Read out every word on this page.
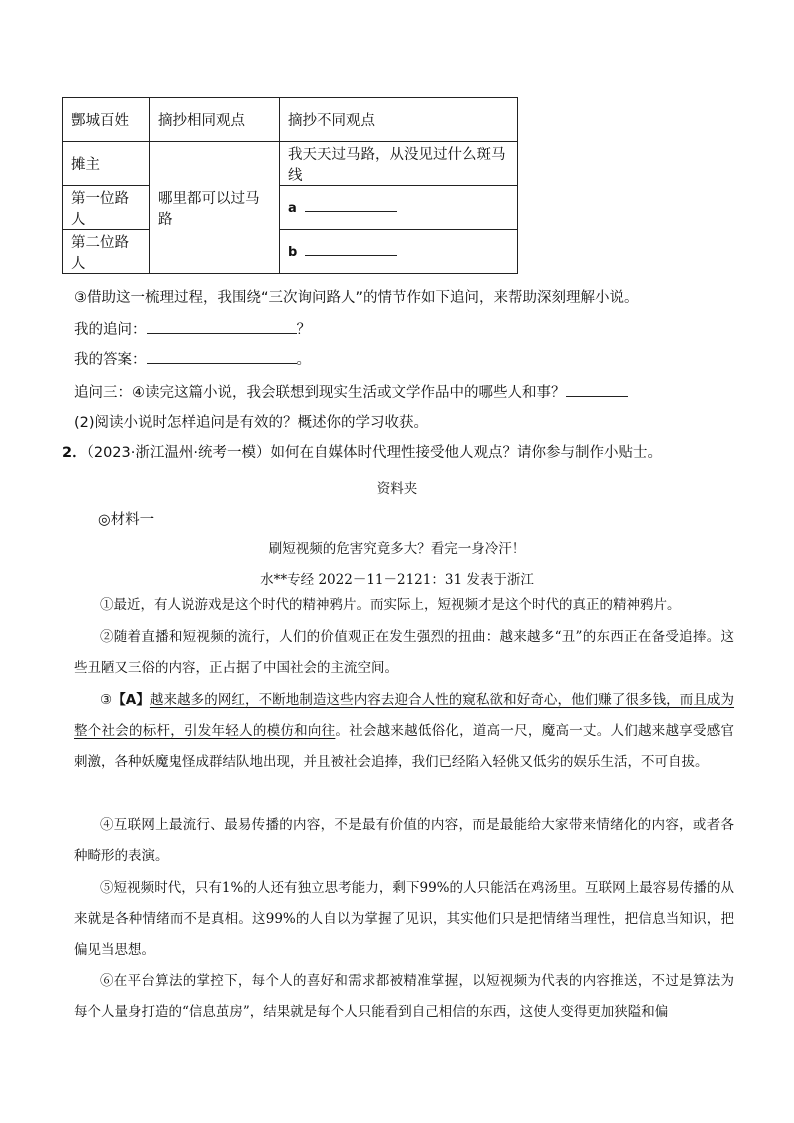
酆城百姓	摘抄相同观点	摘抄不同观点
摊主	哪里都可以过马路	我天天过马路，从没见过什么斑马线
第一位路人		a
第二位路人		b
③借助这一梳理过程，我围绕“三次询问路人”的情节作如下追问，来帮助深刻理解小说。
我的追问：	？
我的答案：	。
追问三：④读完这篇小说，我会联想到现实生活或文学作品中的哪些人和事？
(2)阅读小说时怎样追问是有效的？概述你的学习收获。
2．（2023·浙江温州·统考一模）如何在自媒体时代理性接受他人观点？请你参与制作小贴士。
资料夹
◎材料一
刷短视频的危害究竟多大？看完一身冷汗！
水**专经 2022－11－2121：31 发表于浙江

①最近，有人说游戏是这个时代的精神鸦片。而实际上，短视频才是这个时代的真正的精神鸦片。

②随着直播和短视频的流行，人们的价值观正在发生强烈的扭曲：越来越多“丑”的东西正在备受追捧。这些丑陋又三俗的内容，正占据了中国社会的主流空间。

③【A】越来越多的网红，不断地制造这些内容去迎合人性的窥私欲和好奇心，他们赚了很多钱，而且成为整个社会的标杆，引发年轻人的模仿和向往。社会越来越低俗化，道高一尺，魔高一丈。人们越来越享受感官刺激，各种妖魔鬼怪成群结队地出现，并且被社会追捧，我们已经陷入轻佻又低劣的娱乐生活，不可自拔。

④互联网上最流行、最易传播的内容，不是最有价值的内容，而是最能给大家带来情绪化的内容，或者各种畸形的表演。

⑤短视频时代，只有1%的人还有独立思考能力，剩下99%的人只能活在鸡汤里。互联网上最容易传播的从来就是各种情绪而不是真相。这99%的人自以为掌握了见识，其实他们只是把情绪当理性，把信息当知识，把偏见当思想。

⑥在平台算法的掌控下，每个人的喜好和需求都被精准掌握，以短视频为代表的内容推送，不过是算法为每个人量身打造的“信息茧房”，结果就是每个人只能看到自己相信的东西，这使人变得更加狭隘和偏
